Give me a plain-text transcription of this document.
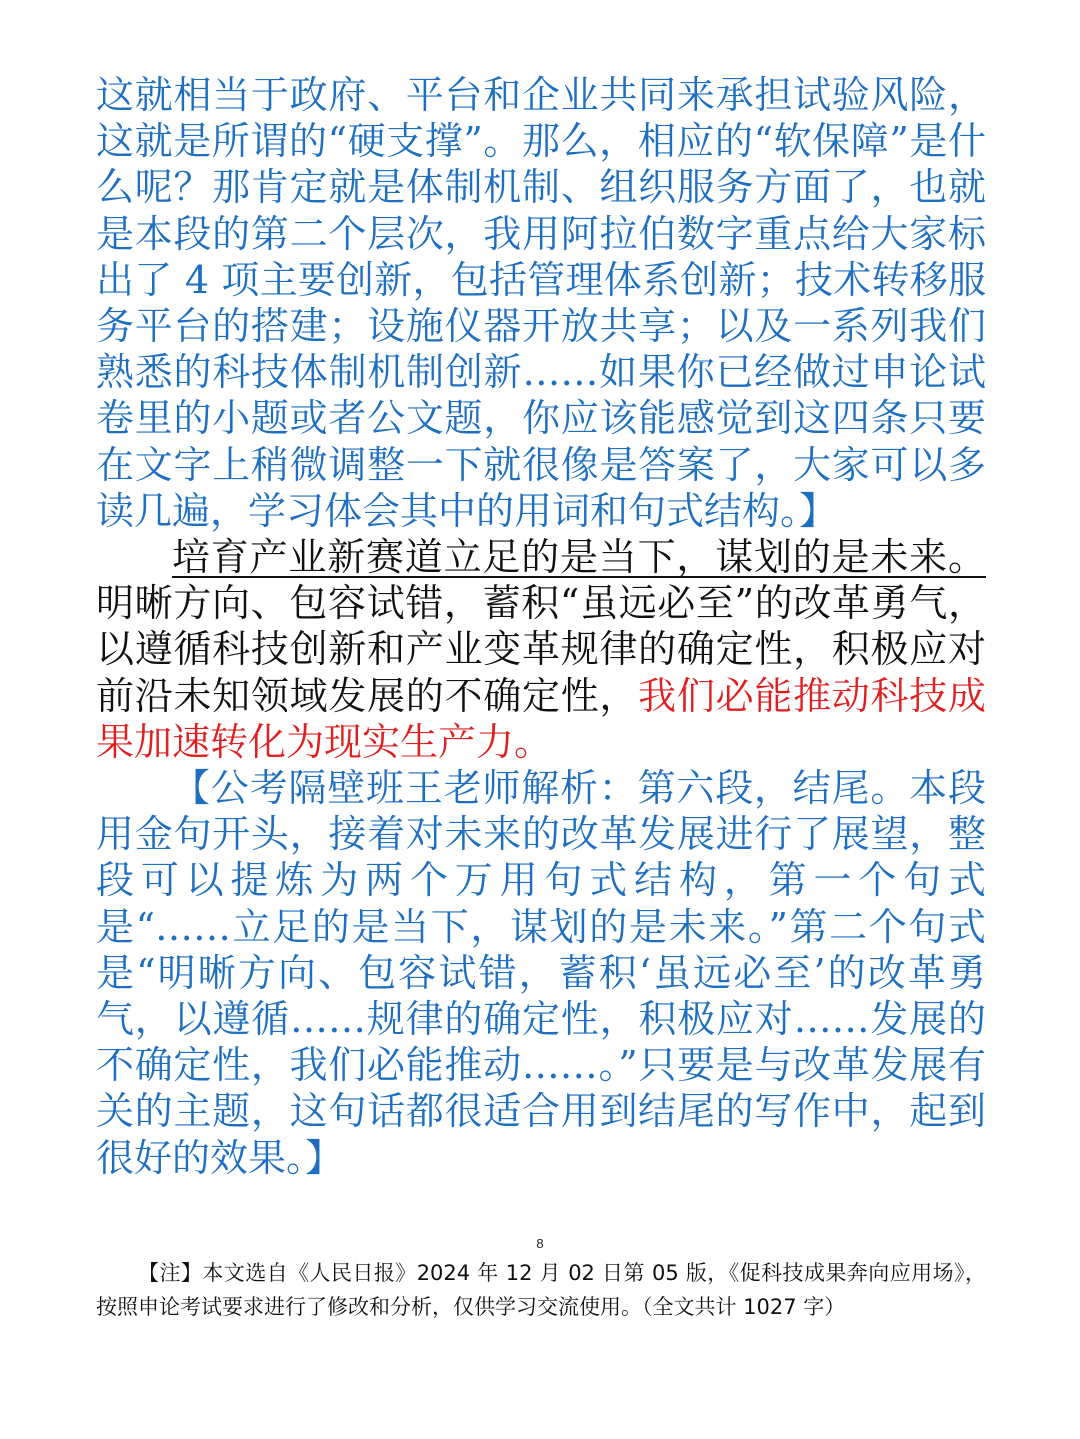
这就相当于政府、平台和企业共同来承担试验风险，这就是所谓的“硬支撑”。那么，相应的“软保障”是什么呢？那肯定就是体制机制、组织服务方面了，也就是本段的第二个层次，我用阿拉伯数字重点给大家标出了 4 项主要创新，包括管理体系创新；技术转移服务平台的搭建；设施仪器开放共享；以及一系列我们熟悉的科技体制机制创新……如果你已经做过申论试卷里的小题或者公文题，你应该能感觉到这四条只要在文字上稍微调整一下就很像是答案了，大家可以多读几遍，学习体会其中的用词和句式结构。】

培育产业新赛道立足的是当下，谋划的是未来。明晰方向、包容试错，蓄积“虽远必至”的改革勇气，以遵循科技创新和产业变革规律的确定性，积极应对前沿未知领域发展的不确定性，我们必能推动科技成果加速转化为现实生产力。

【公考隔壁班王老师解析：第六段，结尾。本段用金句开头，接着对未来的改革发展进行了展望，整段可以提炼为两个万用句式结构，第一个句式是“……立足的是当下，谋划的是未来。”第二个句式是“明晰方向、包容试错，蓄积‘虽远必至’的改革勇气，以遵循……规律的确定性，积极应对……发展的不确定性，我们必能推动……。”只要是与改革发展有关的主题，这句话都很适合用到结尾的写作中，起到很好的效果。】

8
【注】本文选自《人民日报》2024 年 12 月 02 日第 05 版，《促科技成果奔向应用场》，按照申论考试要求进行了修改和分析，仅供学习交流使用。（全文共计 1027 字）
